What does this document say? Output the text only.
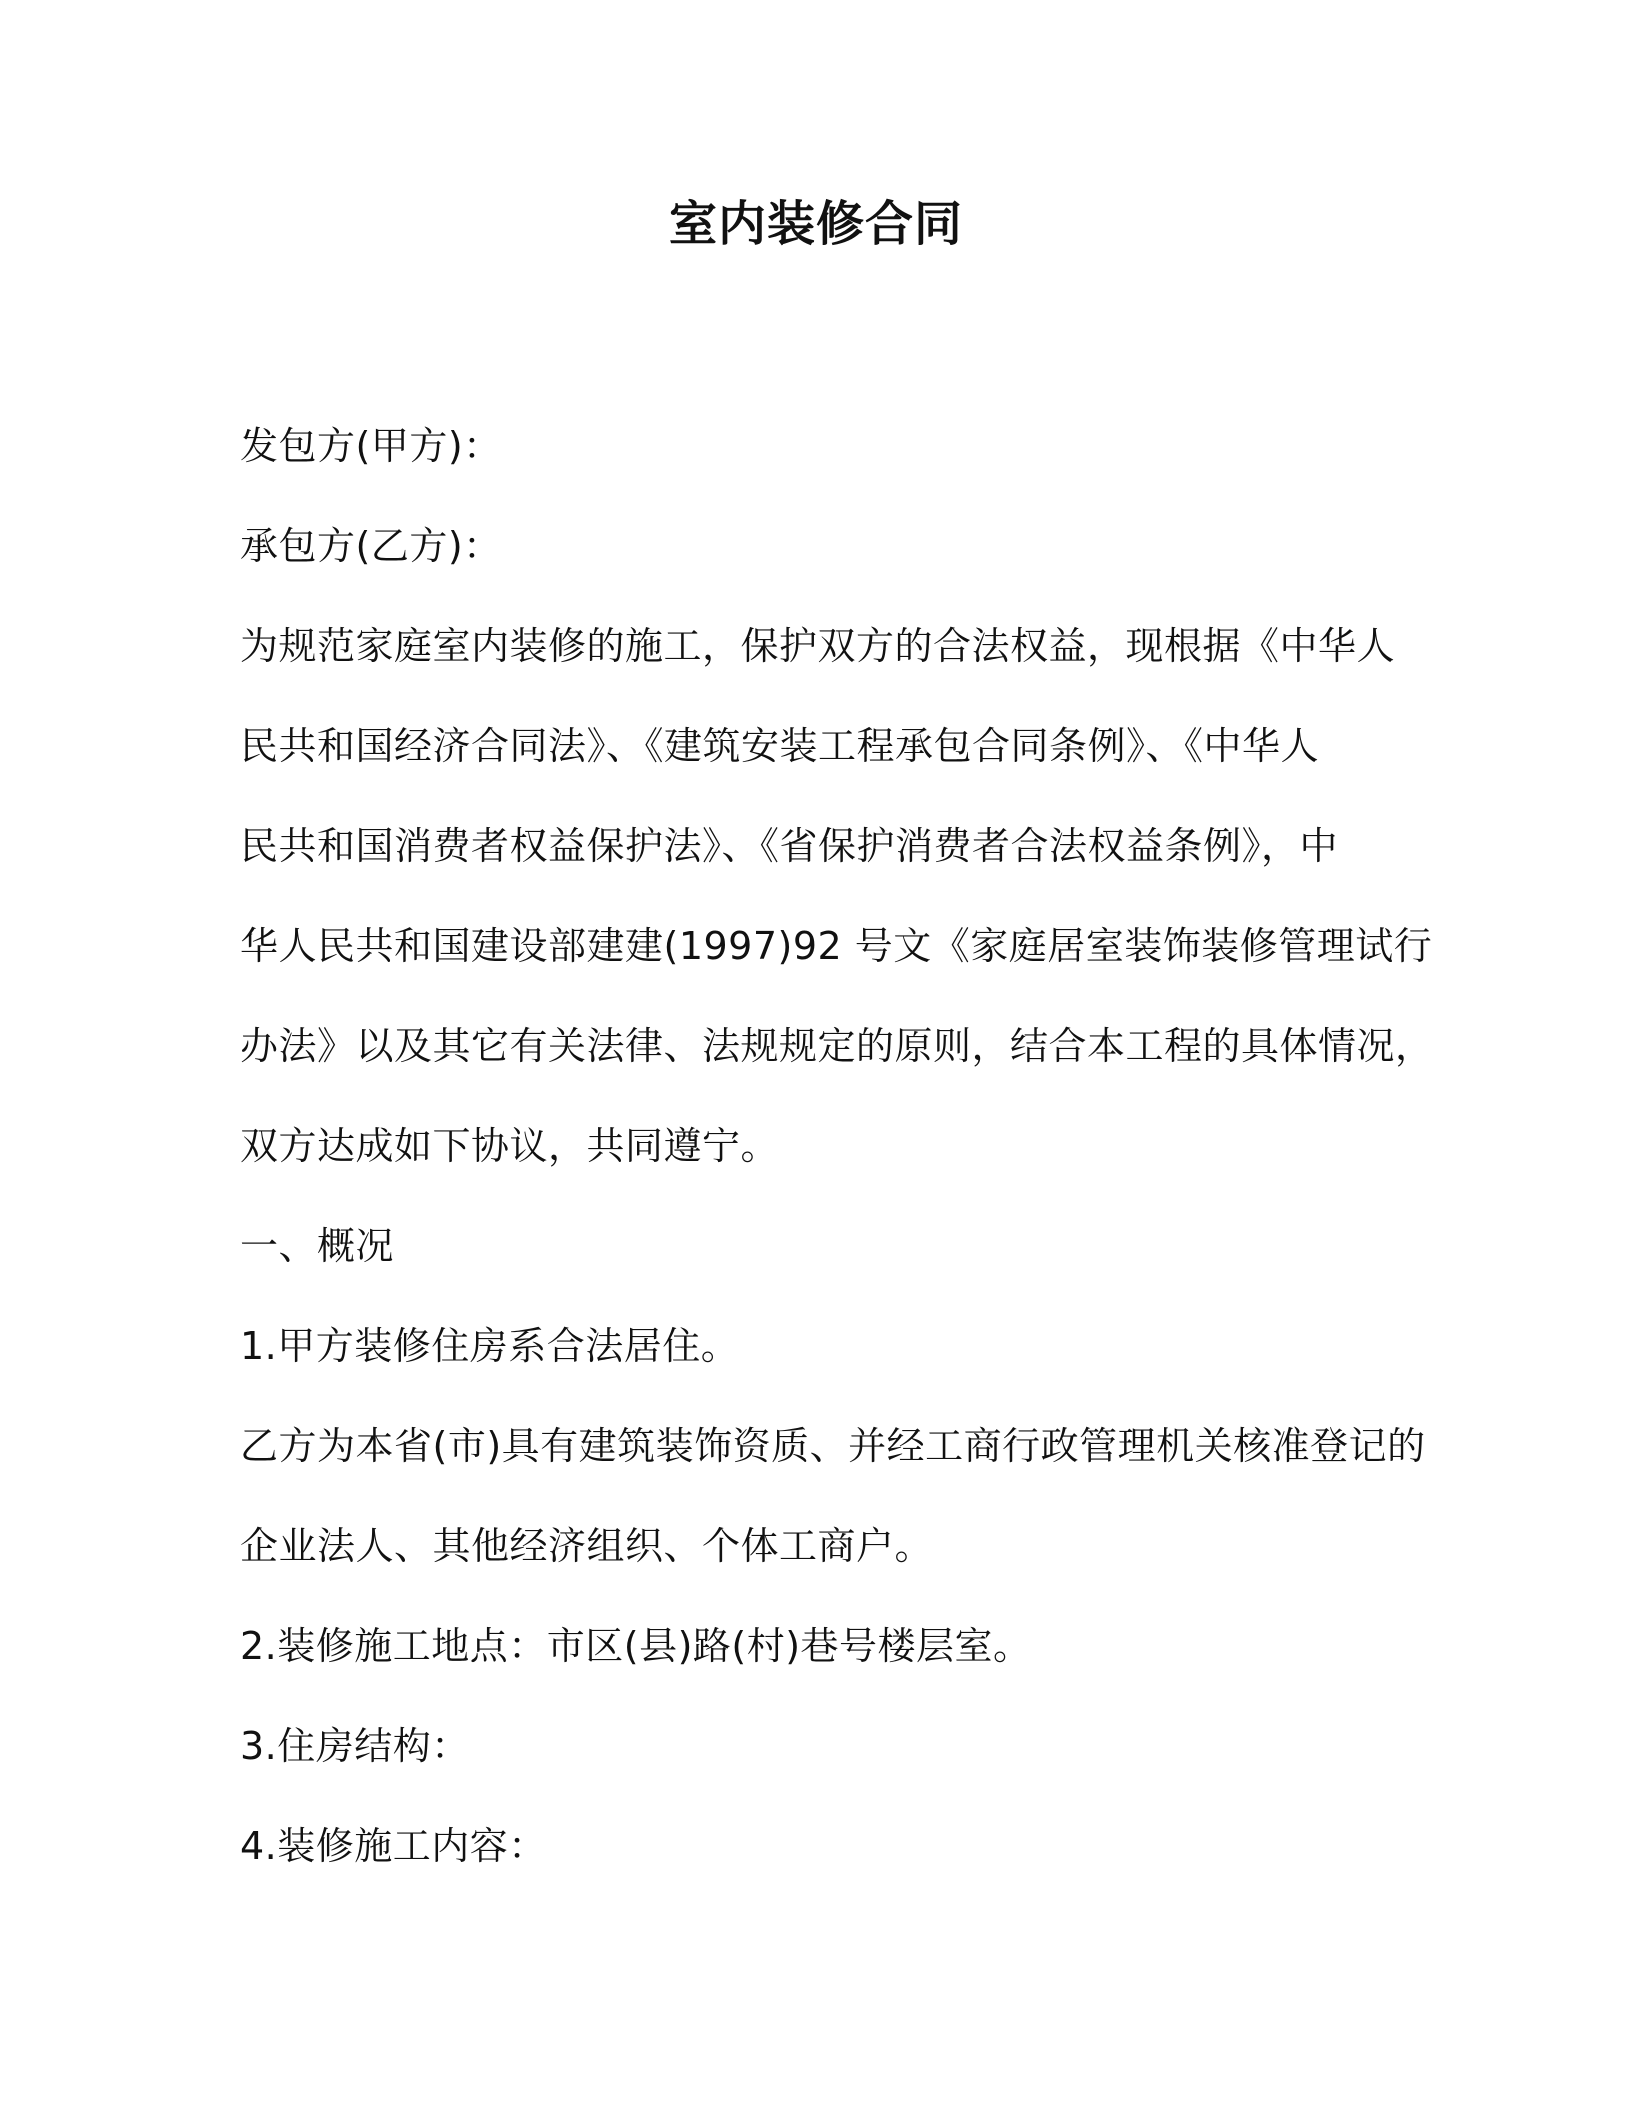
室内装修合同
发包方(甲方)：
承包方(乙方)：
为规范家庭室内装修的施工，保护双方的合法权益，现根据《中华人
民共和国经济合同法》、《建筑安装工程承包合同条例》、《中华人
民共和国消费者权益保护法》、《省保护消费者合法权益条例》，中
华人民共和国建设部建建(1997)92 号文《家庭居室装饰装修管理试行
办法》以及其它有关法律、法规规定的原则，结合本工程的具体情况，
双方达成如下协议，共同遵宁。
一、概况
1.甲方装修住房系合法居住。
乙方为本省(市)具有建筑装饰资质、并经工商行政管理机关核准登记的
企业法人、其他经济组织、个体工商户。
2.装修施工地点：市区(县)路(村)巷号楼层室。
3.住房结构：
4.装修施工内容：
